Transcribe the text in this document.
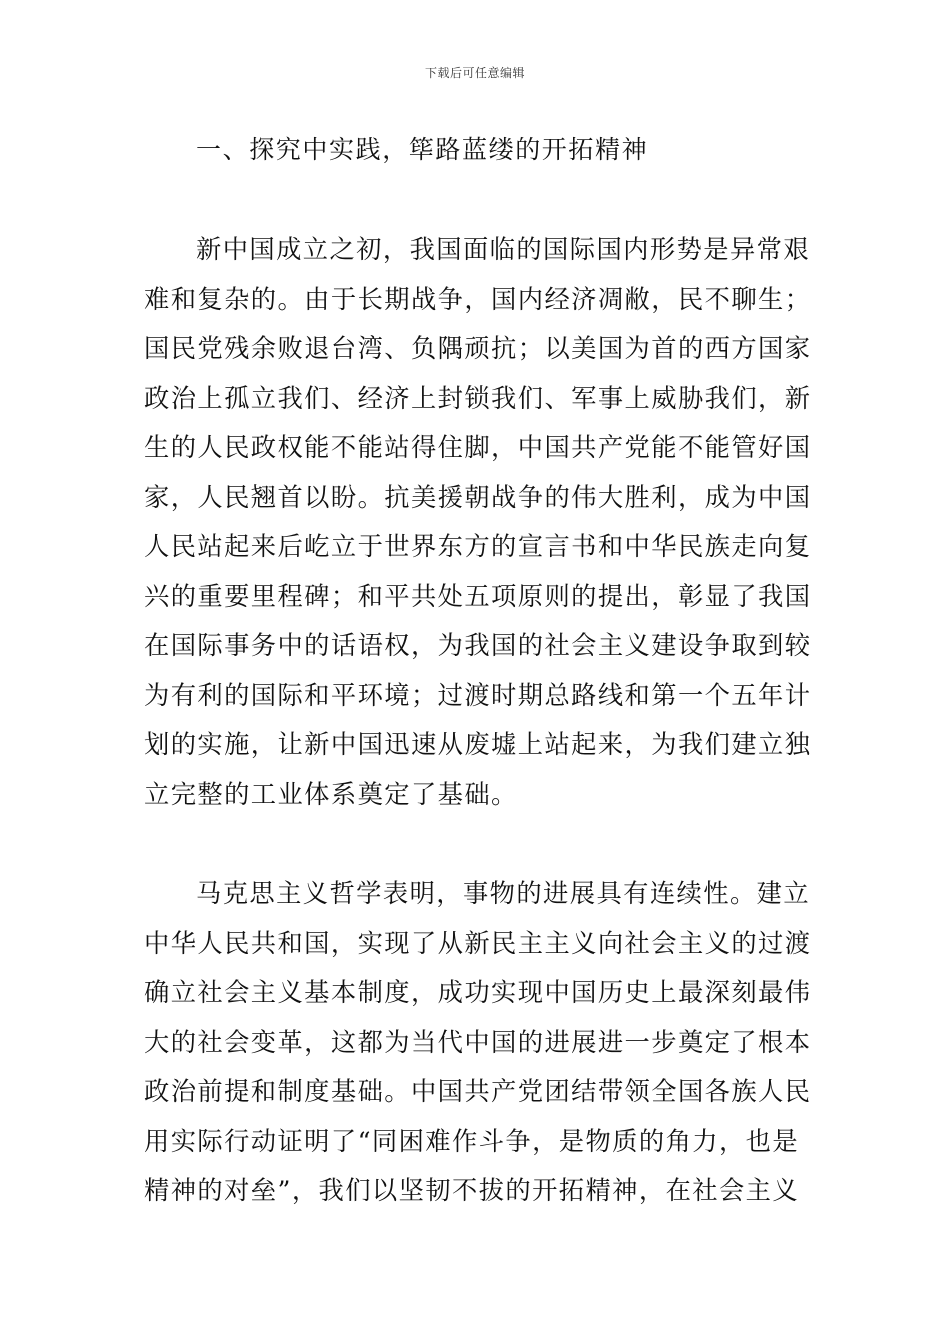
下载后可任意编辑
一、探究中实践，筚路蓝缕的开拓精神
新中国成立之初，我国面临的国际国内形势是异常艰
难和复杂的。由于长期战争，国内经济凋敝，民不聊生；
国民党残余败退台湾、负隅顽抗；以美国为首的西方国家
政治上孤立我们、经济上封锁我们、军事上威胁我们，新
生的人民政权能不能站得住脚，中国共产党能不能管好国
家，人民翘首以盼。抗美援朝战争的伟大胜利，成为中国
人民站起来后屹立于世界东方的宣言书和中华民族走向复
兴的重要里程碑；和平共处五项原则的提出，彰显了我国
在国际事务中的话语权，为我国的社会主义建设争取到较
为有利的国际和平环境；过渡时期总路线和第一个五年计
划的实施，让新中国迅速从废墟上站起来，为我们建立独
立完整的工业体系奠定了基础。
马克思主义哲学表明，事物的进展具有连续性。建立
中华人民共和国，实现了从新民主主义向社会主义的过渡
确立社会主义基本制度，成功实现中国历史上最深刻最伟
大的社会变革，这都为当代中国的进展进一步奠定了根本
政治前提和制度基础。中国共产党团结带领全国各族人民
用实际行动证明了“同困难作斗争，是物质的角力，也是
精神的对垒”，我们以坚韧不拔的开拓精神，在社会主义
